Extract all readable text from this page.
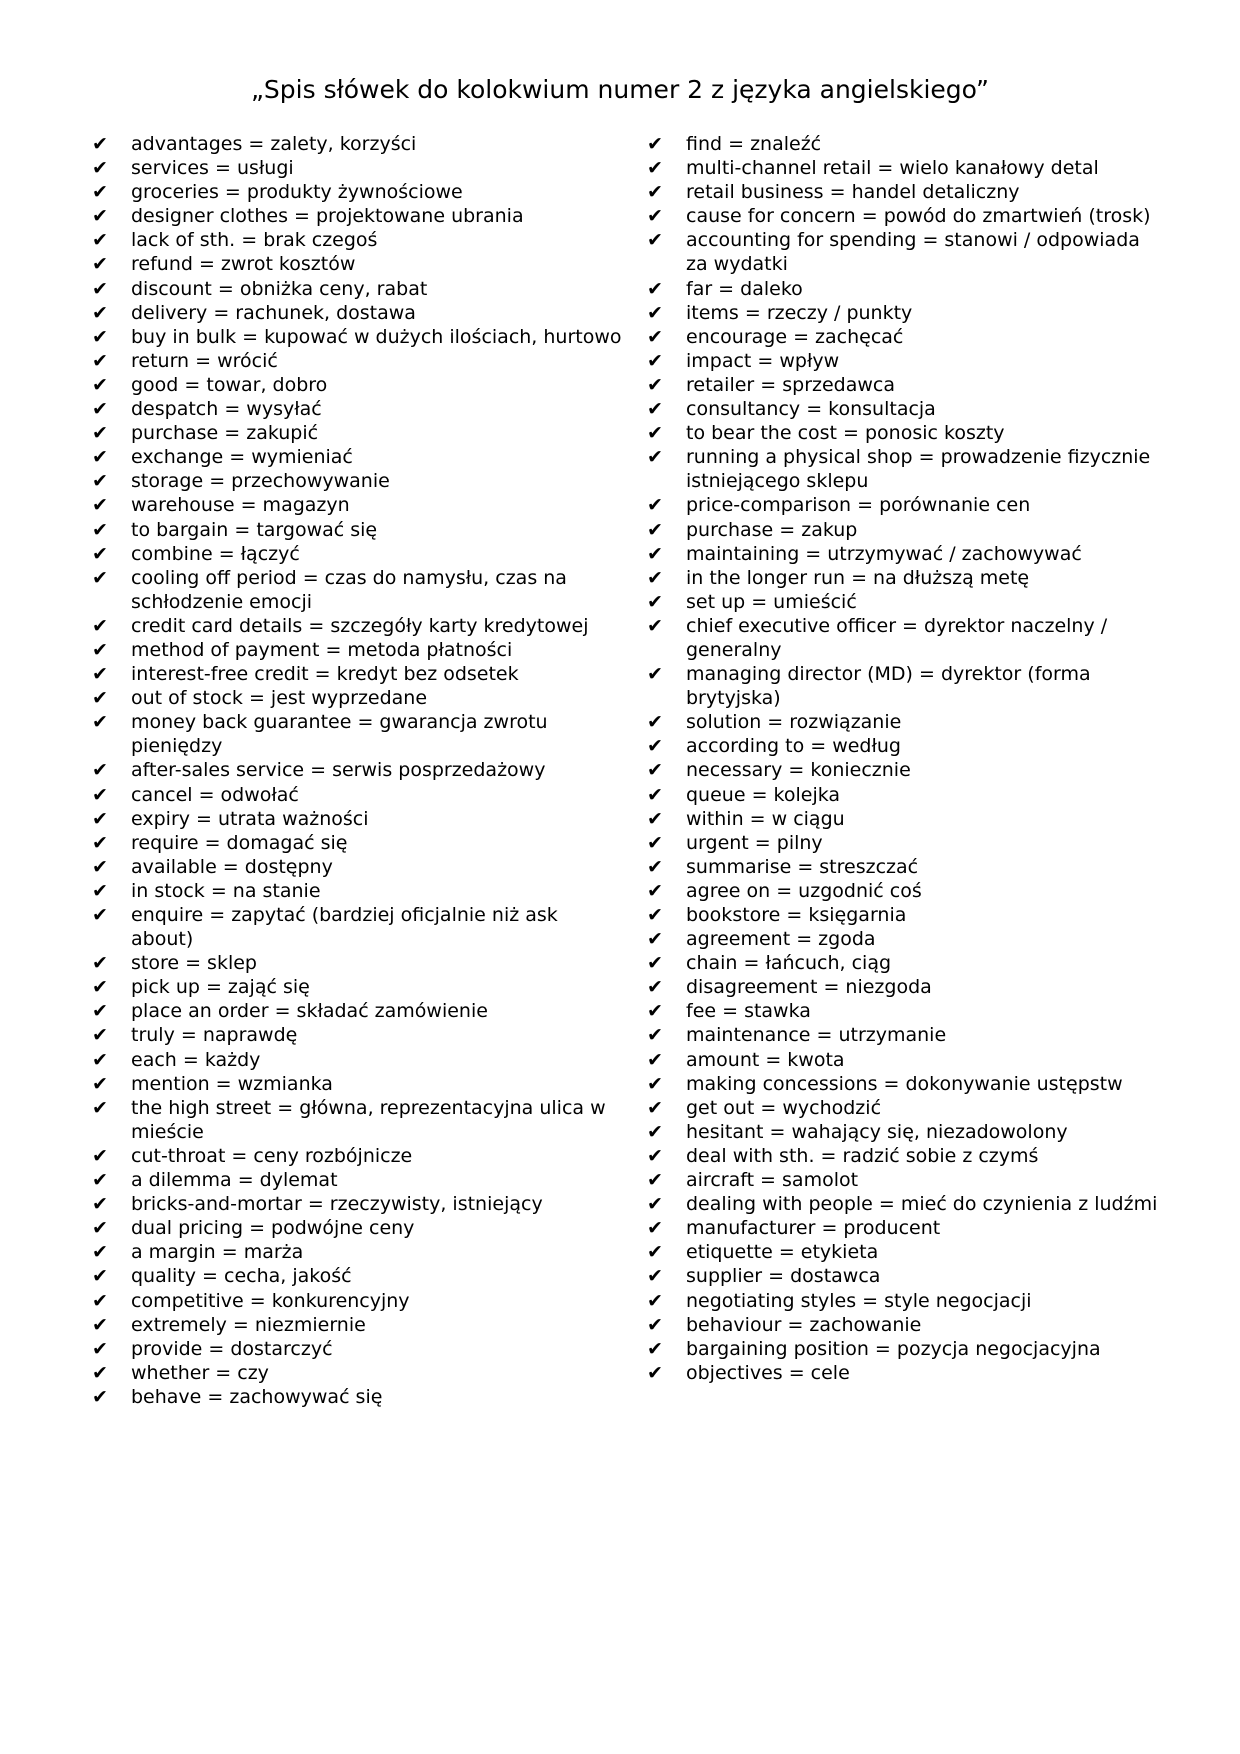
„Spis słówek do kolokwium numer 2 z języka angielskiego”
✔	advantages = zalety, korzyści
✔	services = usługi
✔	groceries = produkty żywnościowe
✔	designer clothes = projektowane ubrania
✔	lack of sth. = brak czegoś
✔	refund = zwrot kosztów
✔	discount = obniżka ceny, rabat
✔	delivery = rachunek, dostawa
✔	buy in bulk = kupować w dużych ilościach, hurtowo
✔	return = wrócić
✔	good = towar, dobro
✔	despatch = wysyłać
✔	purchase = zakupić
✔	exchange = wymieniać
✔	storage = przechowywanie
✔	warehouse = magazyn
✔	to bargain = targować się
✔	combine = łączyć
✔	cooling off period = czas do namysłu, czas na schłodzenie emocji
✔	credit card details = szczegóły karty kredytowej
✔	method of payment = metoda płatności
✔	interest-free credit = kredyt bez odsetek
✔	out of stock = jest wyprzedane
✔	money back guarantee = gwarancja zwrotu pieniędzy
✔	after-sales service = serwis posprzedażowy
✔	cancel = odwołać
✔	expiry = utrata ważności
✔	require = domagać się
✔	available = dostępny
✔	in stock = na stanie
✔	enquire = zapytać (bardziej oficjalnie niż ask about)
✔	store = sklep
✔	pick up = zająć się
✔	place an order = składać zamówienie
✔	truly = naprawdę
✔	each = każdy
✔	mention = wzmianka
✔	the high street = główna, reprezentacyjna ulica w mieście
✔	cut-throat = ceny rozbójnicze
✔	a dilemma = dylemat
✔	bricks-and-mortar = rzeczywisty, istniejący
✔	dual pricing = podwójne ceny
✔	a margin = marża
✔	quality = cecha, jakość
✔	competitive = konkurencyjny
✔	extremely = niezmiernie
✔	provide = dostarczyć
✔	whether = czy
✔	behave = zachowywać się
✔	find = znaleźć
✔	multi-channel retail = wielo kanałowy detal
✔	retail business = handel detaliczny
✔	cause for concern = powód do zmartwień (trosk)
✔	accounting for spending = stanowi / odpowiada za wydatki
✔	far = daleko
✔	items = rzeczy / punkty
✔	encourage = zachęcać
✔	impact = wpływ
✔	retailer = sprzedawca
✔	consultancy = konsultacja
✔	to bear the cost = ponosic koszty
✔	running a physical shop = prowadzenie fizycznie istniejącego sklepu
✔	price-comparison = porównanie cen
✔	purchase = zakup
✔	maintaining = utrzymywać / zachowywać
✔	in the longer run = na dłuższą metę
✔	set up = umieścić
✔	chief executive officer = dyrektor naczelny / generalny
✔	managing director (MD) = dyrektor (forma brytyjska)
✔	solution = rozwiązanie
✔	according to = według
✔	necessary = koniecznie
✔	queue = kolejka
✔	within = w ciągu
✔	urgent = pilny
✔	summarise = streszczać
✔	agree on = uzgodnić coś
✔	bookstore = księgarnia
✔	agreement = zgoda
✔	chain = łańcuch, ciąg
✔	disagreement = niezgoda
✔	fee = stawka
✔	maintenance = utrzymanie
✔	amount = kwota
✔	making concessions = dokonywanie ustępstw
✔	get out = wychodzić
✔	hesitant = wahający się, niezadowolony
✔	deal with sth. = radzić sobie z czymś
✔	aircraft = samolot
✔	dealing with people = mieć do czynienia z ludźmi
✔	manufacturer = producent
✔	etiquette = etykieta
✔	supplier = dostawca
✔	negotiating styles = style negocjacji
✔	behaviour = zachowanie
✔	bargaining position = pozycja negocjacyjna
✔	objectives = cele
